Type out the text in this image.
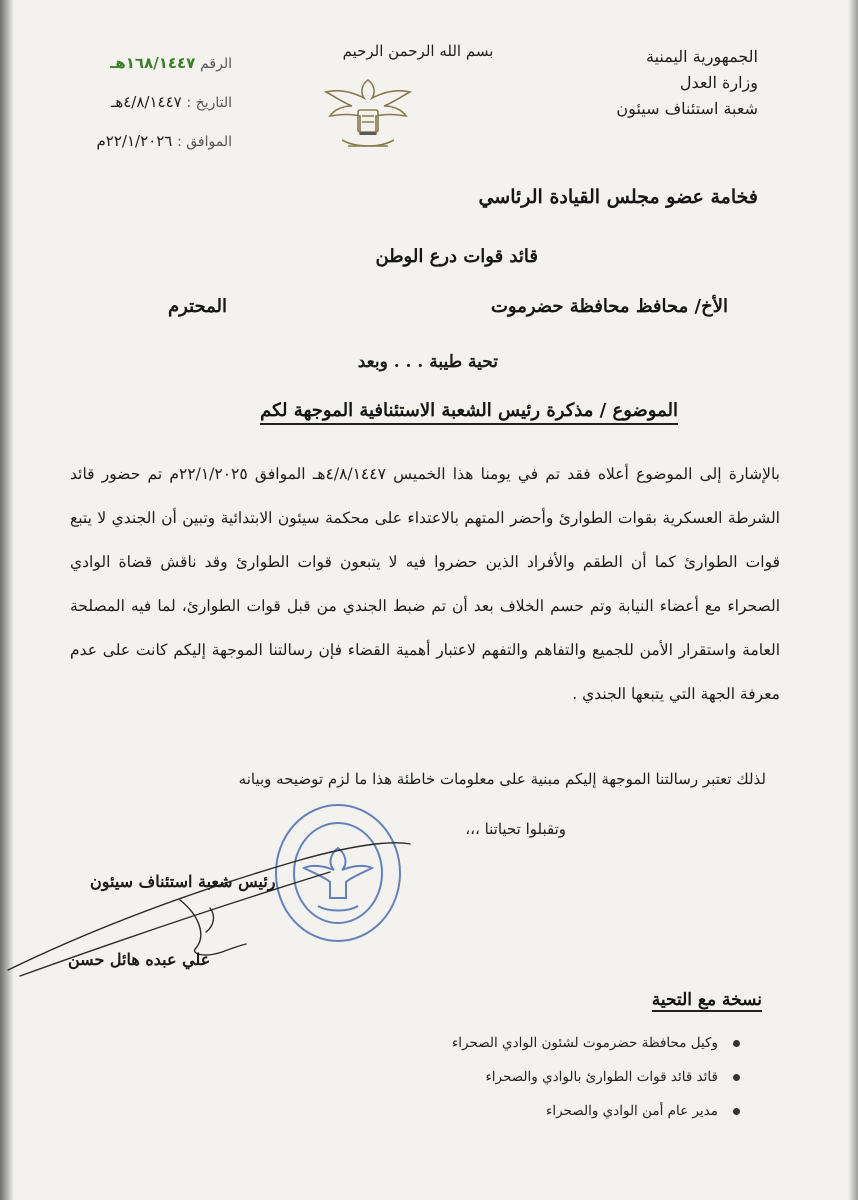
الجمهورية اليمنية
وزارة العدل
شعبة استئناف سيئون
بسم الله الرحمن الرحيم
الرقم ١٦٨/١٤٤٧هـ
التاريخ : ٤/٨/١٤٤٧هـ
الموافق : ٢٢/١/٢٠٢٦م
فخامة عضو مجلس القيادة الرئاسي
قائد قوات درع الوطن
الأخ/ محافظ محافظة حضرموت
المحترم
تحية طيبة . . . وبعد
الموضوع / مذكرة رئيس الشعبة الاستئنافية الموجهة لكم

بالإشارة إلى الموضوع أعلاه فقد تم في يومنا هذا الخميس ٤/٨/١٤٤٧هـ الموافق ٢٢/١/٢٠٢٥م تم حضور قائد الشرطة العسكرية بقوات الطوارئ وأحضر المتهم بالاعتداء على محكمة سيئون الابتدائية وتبين أن الجندي لا يتبع قوات الطوارئ كما أن الطقم والأفراد الذين حضروا فيه لا يتبعون قوات الطوارئ وقد ناقش قضاة الوادي الصحراء مع أعضاء النيابة وتم حسم الخلاف بعد أن تم ضبط الجندي من قبل قوات الطوارئ، لما فيه المصلحة العامة واستقرار الأمن للجميع والتفاهم والتفهم لاعتبار أهمية القضاء فإن رسالتنا الموجهة إليكم كانت على عدم معرفة الجهة التي يتبعها الجندي .

لذلك تعتبر رسالتنا الموجهة إليكم مبنية على معلومات خاطئة هذا ما لزم توضيحه وبيانه
وتقبلوا تحياتنا ،،،
رئيس شعبة استئناف سيئون
علي عبده هائل حسن
نسخة مع التحية
وكيل محافظة حضرموت لشئون الوادي الصحراء
قائد قائد قوات الطوارئ بالوادي والصحراء
مدير عام أمن الوادي والصحراء
